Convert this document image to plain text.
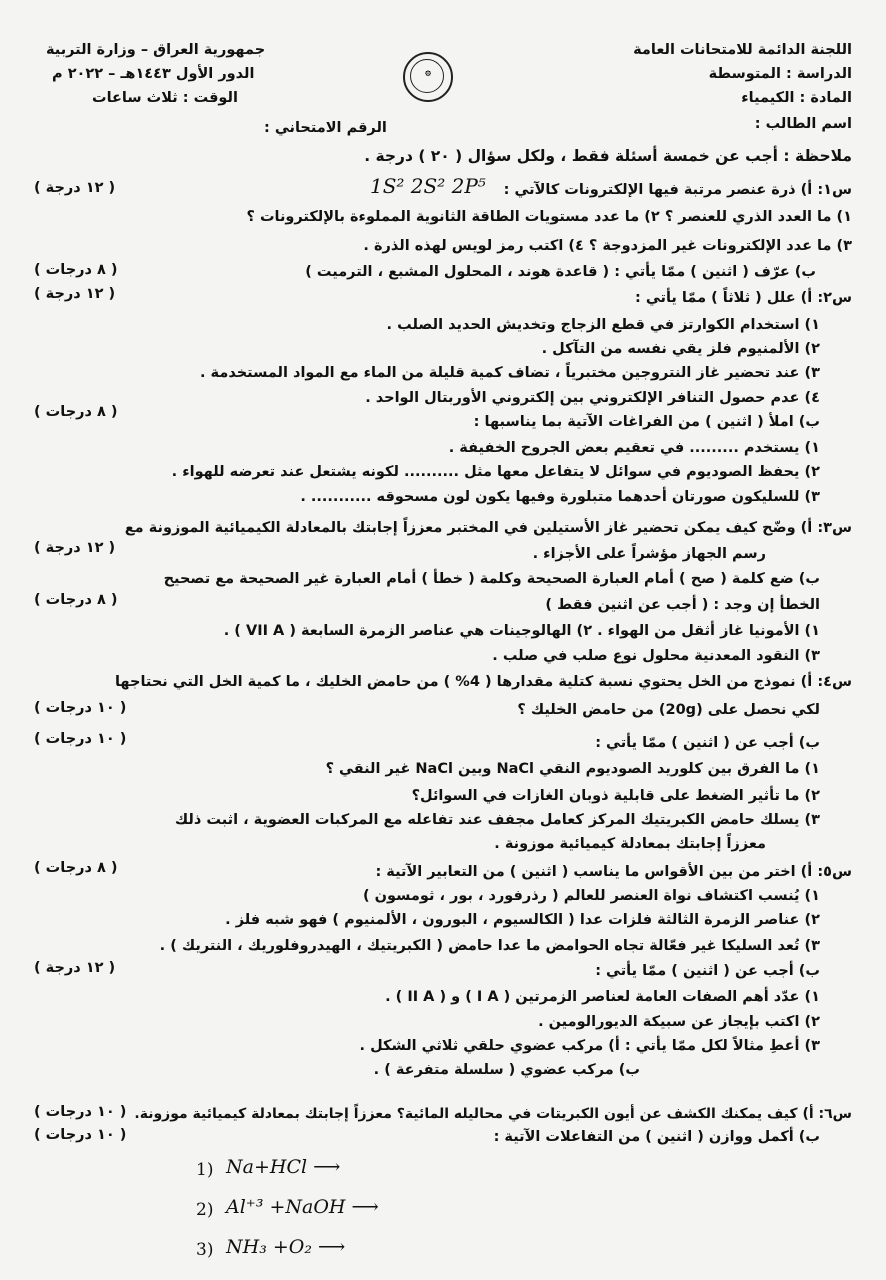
اللجنة الدائمة للامتحانات العامة
الدراسة : المتوسطة
المادة : الكيمياء
اسم الطالب :
جمهورية العراق – وزارة التربية
الدور الأول ١٤٤٣هـ – ٢٠٢٢ م
الوقت : ثلاث ساعات
الرقم الامتحاني :
۞
ملاحظة : أجب عن خمسة أسئلة فقط ، ولكل سؤال ( ٢٠ ) درجة .
س١: أ) ذرة عنصر مرتبة فيها الإلكترونات كالآتي :
1S² 2S² 2P⁵
( ١٢ درجة )
١) ما العدد الذري للعنصر ؟ ٢) ما عدد مستويات الطاقة الثانوية المملوءة بالإلكترونات ؟
٣) ما عدد الإلكترونات غير المزدوجة ؟ ٤) اكتب رمز لويس لهذه الذرة .
ب) عرّف ( اثنين ) ممّا يأتي : ( قاعدة هوند ، المحلول المشبع ، الترميت )
( ٨ درجات )
س٢: أ) علل ( ثلاثاً ) ممّا يأتي :
( ١٢ درجة )
١) استخدام الكوارتز في قطع الزجاج وتخديش الحديد الصلب .
٢) الألمنيوم فلز يقي نفسه من التآكل .
٣) عند تحضير غاز النتروجين مختبرياً ، تضاف كمية قليلة من الماء مع المواد المستخدمة .
٤) عدم حصول التنافر الإلكتروني بين إلكتروني الأوربتال الواحد .
ب) املأ ( اثنين ) من الفراغات الآتية بما يناسبها :
( ٨ درجات )
١) يستخدم ......... في تعقيم بعض الجروح الخفيفة .
٢) يحفظ الصوديوم في سوائل لا يتفاعل معها مثل .......... لكونه يشتعل عند تعرضه للهواء .
٣) للسليكون صورتان أحدهما متبلورة وفيها يكون لون مسحوقه ........... .
س٣: أ) وضّح كيف يمكن تحضير غاز الأستيلين في المختبر معززاً إجابتك بالمعادلة الكيميائية الموزونة مع
رسم الجهاز مؤشراً على الأجزاء .
( ١٢ درجة )
ب) ضع كلمة ( صح ) أمام العبارة الصحيحة وكلمة ( خطأ ) أمام العبارة غير الصحيحة مع تصحيح
الخطأ إن وجد : ( أجب عن اثنين فقط )
( ٨ درجات )
١) الأمونيا غاز أثقل من الهواء . ٢) الهالوجينات هي عناصر الزمرة السابعة ( VII A ) .
٣) النقود المعدنية محلول نوع صلب في صلب .
س٤: أ) نموذج من الخل يحتوي نسبة كتلية مقدارها ( 4% ) من حامض الخليك ، ما كمية الخل التي نحتاجها
لكي نحصل على (20g) من حامض الخليك ؟
( ١٠ درجات )
ب) أجب عن ( اثنين ) ممّا يأتي :
( ١٠ درجات )
١) ما الفرق بين كلوريد الصوديوم النقي NaCl وبين NaCl غير النقي ؟
٢) ما تأثير الضغط على قابلية ذوبان الغازات في السوائل؟
٣) يسلك حامض الكبريتيك المركز كعامل مجفف عند تفاعله مع المركبات العضوية ، اثبت ذلك
معززاً إجابتك بمعادلة كيميائية موزونة .
س٥: أ) اختر من بين الأقواس ما يناسب ( اثنين ) من التعابير الآتية :
( ٨ درجات )
١) يُنسب اكتشاف نواة العنصر للعالم ( رذرفورد ، بور ، ثومسون )
٢) عناصر الزمرة الثالثة فلزات عدا ( الكالسيوم ، البورون ، الألمنيوم ) فهو شبه فلز .
٣) تُعد السليكا غير فعّالة تجاه الحوامض ما عدا حامض ( الكبريتيك ، الهيدروفلوريك ، النتريك ) .
ب) أجب عن ( اثنين ) ممّا يأتي :
( ١٢ درجة )
١) عدّد أهم الصفات العامة لعناصر الزمرتين ( I A ) و ( II A ) .
٢) اكتب بإيجاز عن سبيكة الديورالومين .
٣) أعطِ مثالاً لكل ممّا يأتي : أ) مركب عضوي حلقي ثلاثي الشكل .
ب) مركب عضوي ( سلسلة متفرعة ) .
س٦: أ) كيف يمكنك الكشف عن أيون الكبريتات في محاليله المائية؟ معززاً إجابتك بمعادلة كيميائية موزونة.
( ١٠ درجات )
ب) أكمل ووازن ( اثنين ) من التفاعلات الآتية :
( ١٠ درجات )
1) Na+HCl ⟶
2) Al⁺³ +NaOH ⟶
3) NH₃ +O₂ ⟶
